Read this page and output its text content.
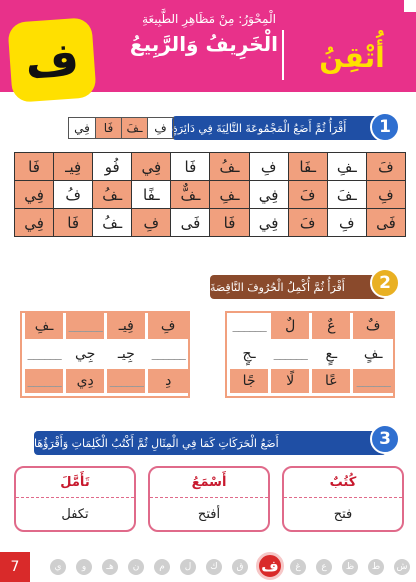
أُتْقِنُ
الْمِحْوَرُ: مِنْ مَظَاهِرِ الطَّبِيعَةِ
الْخَرِيفُ وَالرَّبِيعُ
ف
أَقْرَأُ ثُمَّ أَضَعُ الْمَجْمُوعَةَ التَّالِيَةَ فِي دَائِرَةٍ	1
فِي	فَا	ـفَ فِ
فَا	فِيـ	فُو	فِي	فَا	ـفُ	فِ	ـفَا	ـفِ	فَ
فِي	فُ	ـفُ	ـفًا	ـفٌّ	ـفِ	فِي	فَ	ـفَ	فِ
فِي	فَا	ـفُ	فِ	فَى	فَا	فِي	فَ	فِ	فَى
أَقْرَأُ ثُمَّ أُكْمِلُ الْحُرُوفَ النَّاقِصَةَ	2
______	لٌ	عٌ	فٌ
ـجٍ	______	ـعٍ	ـفٍ
جًا	لًا	عًا	______
ـفِ	______	فِيـ	فِ
______	جِي	جِيـ	______
______	دِي	______	دِ
أَضَعُ الْحَرَكَاتِ كَمَا فِي الْمِثَالِ ثُمَّ أَكْتُبُ الْكَلِمَاتِ وَأَقْرَؤُهَا	3
كُتُبٌ
فتح
أَسْمَعُ
أفتح
تَأَمَّلَ
تكفل
7	ش
ط
ظ
ع
غ
ف
ق
ك
ل
م
ن
هـ
و
ي
